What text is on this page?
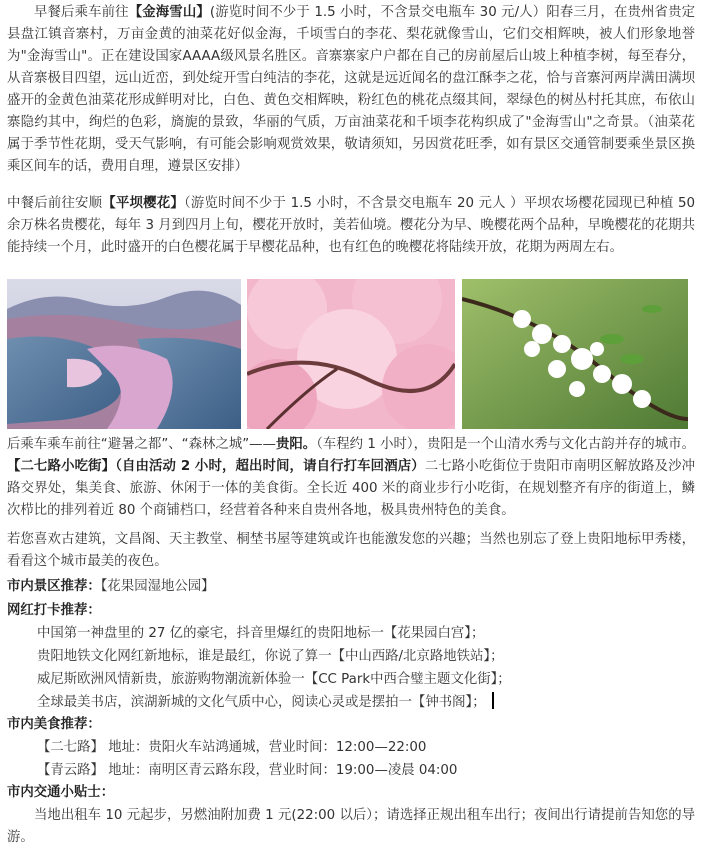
早餐后乘车前往【金海雪山】(游览时间不少于 1.5 小时，不含景交电瓶车 30 元/人）阳春三月，在贵州省贵定县盘江镇音寨村，万亩金黄的油菜花好似金海，千顷雪白的李花、梨花就像雪山，它们交相辉映，被人们形象地誉为"金海雪山"。正在建设国家AAAA级风景名胜区。音寨寨家户户都在自己的房前屋后山坡上种植李树，每至春分，从音寨极目四望，远山近峦，到处绽开雪白纯洁的李花，这就是远近闻名的盘江酥李之花，恰与音寨河两岸满田满坝盛开的金黄色油菜花形成鲜明对比，白色、黄色交相辉映，粉红色的桃花点缀其间，翠绿色的树丛村托其庶，布依山寨隐约其中，绚烂的色彩，旖旎的景致，华丽的气质，万亩油菜花和千顷李花构织成了"金海雪山"之奇景。（油菜花属于季节性花期，受天气影响，有可能会影响观赏效果，敬请须知，另因赏花旺季，如有景区交通管制要乘坐景区换乘区间车的话，费用自理，遵景区安排）

中餐后前往安顺【平坝樱花】（游览时间不少于 1.5 小时，不含景交电瓶车 20 元人 ）平坝农场樱花园现已种植 50 余万株名贵樱花，每年 3 月到四月上旬，樱花开放时，美若仙境。樱花分为早、晚樱花两个品种，早晚樱花的花期共能持续一个月，此时盛开的白色樱花属于早樱花品种，也有红色的晚樱花将陆续开放，花期为两周左右。

后乘车乘车前往“避暑之都”、“森林之城”——贵阳。（车程约 1 小时），贵阳是一个山清水秀与文化古韵并存的城市。【二七路小吃街】（自由活动 2 小时，超出时间，请自行打车回酒店）二七路小吃街位于贵阳市南明区解放路及沙冲路交界处，集美食、旅游、休闲于一体的美食街。全长近 400 米的商业步行小吃街，在规划整齐有序的街道上，鳞次栉比的排列着近 80 个商铺档口，经营着各种来自贵州各地，极具贵州特色的美食。

若您喜欢古建筑，文昌阁、天主教堂、桐埜书屋等建筑或许也能激发您的兴趣；当然也别忘了登上贵阳地标甲秀楼，看看这个城市最美的夜色。

市内景区推荐：【花果园湿地公园】

网红打卡推荐：

中国第一神盘里的 27 亿的豪宅，抖音里爆红的贵阳地标一【花果园白宫】；

贵阳地铁文化网红新地标，谁是最红，你说了算一【中山西路/北京路地铁站】；

威尼斯欧洲风情新贵，旅游购物潮流新体验一【CC Park中西合璧主题文化街】；

全球最美书店，滨湖新城的文化气质中心，阅读心灵或是摆拍一【钟书阁】；

市内美食推荐：

【二七路】 地址：贵阳火车站鸿通城，营业时间：12:00—22:00

【青云路】 地址：南明区青云路东段，营业时间：19:00—凌晨 04:00

市内交通小贴士：

当地出租车 10 元起步，另燃油附加费 1 元(22:00 以后）；请选择正规出租车出行；夜间出行请提前告知您的导游。
